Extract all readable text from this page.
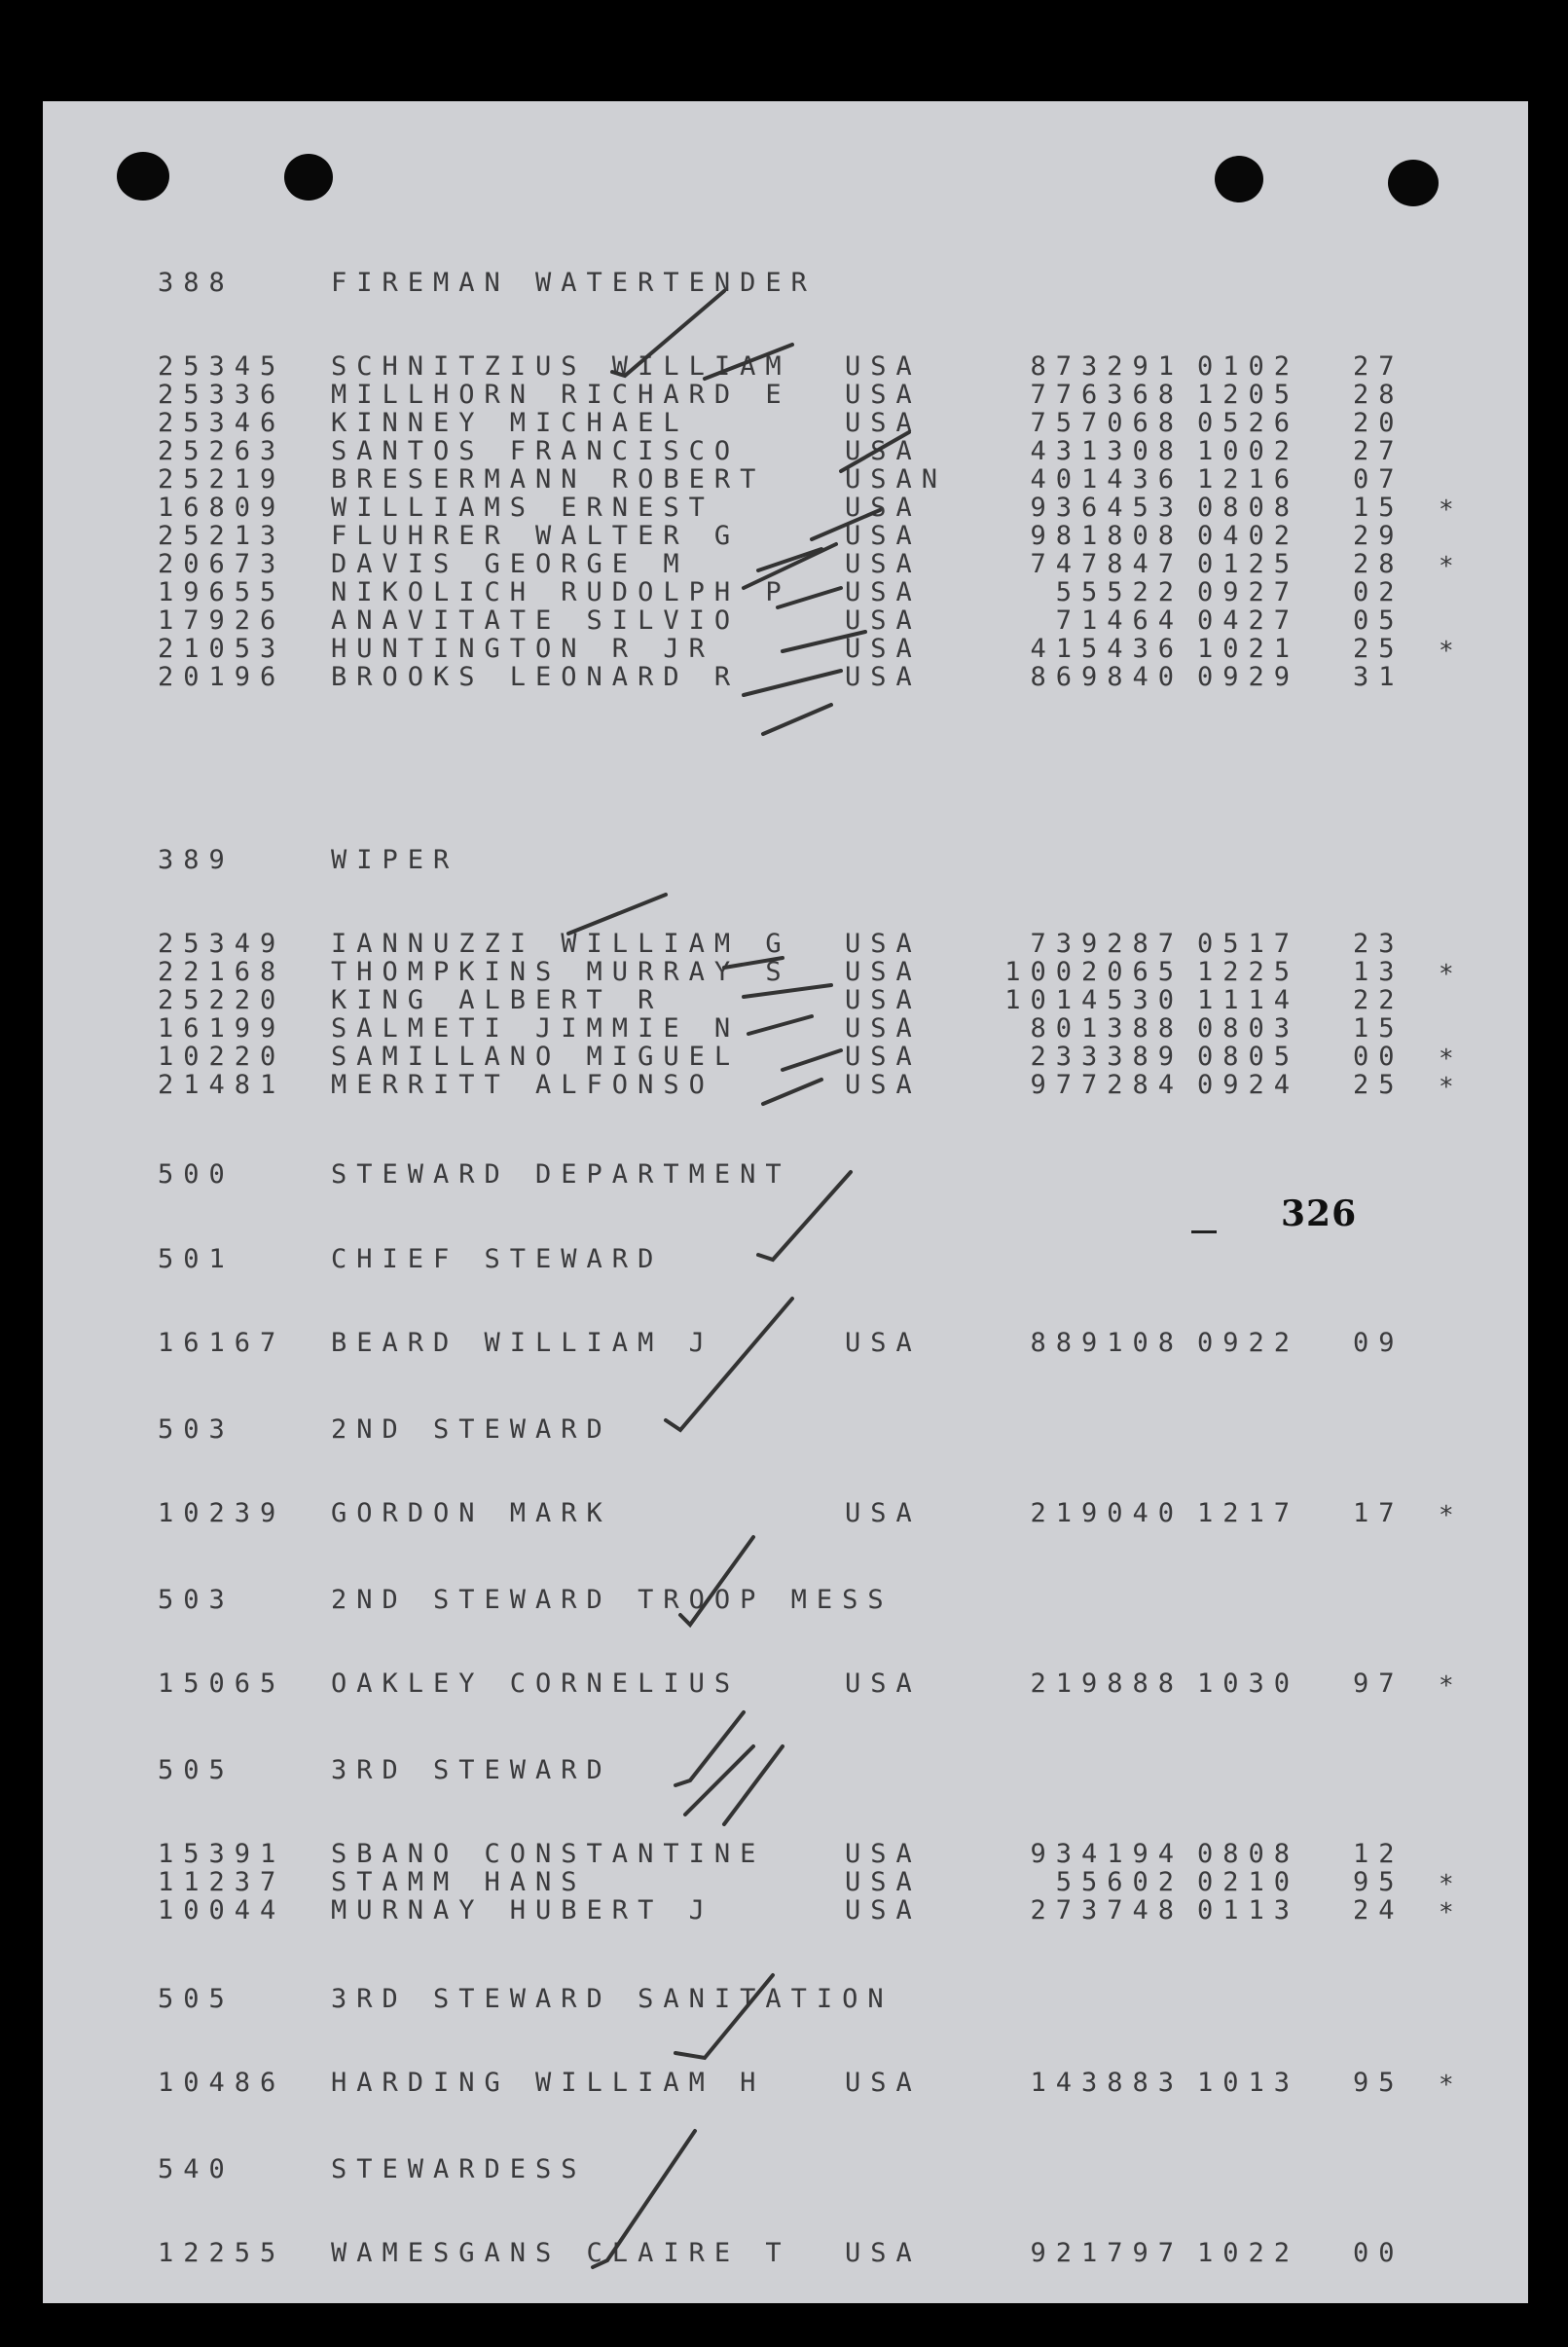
388	FIREMAN WATERTENDER
25345 SCHNITZIUS WILLIAM USA	873291 0102 27
25336 MILLHORN RICHARD E USA	776368 1205 28
25346 KINNEY MICHAEL	USA	757068 0526 20
25263 SANTOS FRANCISCO	USA	431308 1002 27
25219 BRESERMANN ROBERT	USAN	401436 1216 07
16809 WILLIAMS ERNEST	USA	936453 0808 15 *
25213 FLUHRER WALTER G	USA	981808 0402 29
20673 DAVIS GEORGE M	USA	747847 0125 28 *
19655 NIKOLICH RUDOLPH P USA	55522 0927 02
17926 ANAVITATE SILVIO	USA	71464 0427 05
21053 HUNTINGTON R JR	USA	415436 1021 25 *
20196 BROOKS LEONARD R	USA	869840 0929 31
389	WIPER
25349 IANNUZZI WILLIAM G USA	739287 0517 23
22168 THOMPKINS MURRAY S USA	1002065 1225 13 *
25220 KING ALBERT R	USA	1014530 1114 22
16199 SALMETI JIMMIE N	USA	801388 0803 15
10220 SAMILLANO MIGUEL	USA	233389 0805 00 *
21481 MERRITT ALFONSO	USA	977284 0924 25 *
500	STEWARD DEPARTMENT
501	CHIEF STEWARD
16167 BEARD WILLIAM J	USA	889108 0922 09
503	2ND STEWARD
10239 GORDON MARK	USA	219040 1217 17 *
503	2ND STEWARD TROOP MESS
15065 OAKLEY CORNELIUS	USA	219888 1030 97 *
505	3RD STEWARD
15391 SBANO CONSTANTINE	USA	934194 0808 12
11237 STAMM HANS	USA	55602 0210 95 *
10044 MURNAY HUBERT J	USA	273748 0113 24 *
505	3RD STEWARD SANITATION
10486 HARDING WILLIAM H	USA	143883 1013 95 *
540	STEWARDESS
12255 WAMESGANS CLAIRE T USA	921797 1022 00
326
